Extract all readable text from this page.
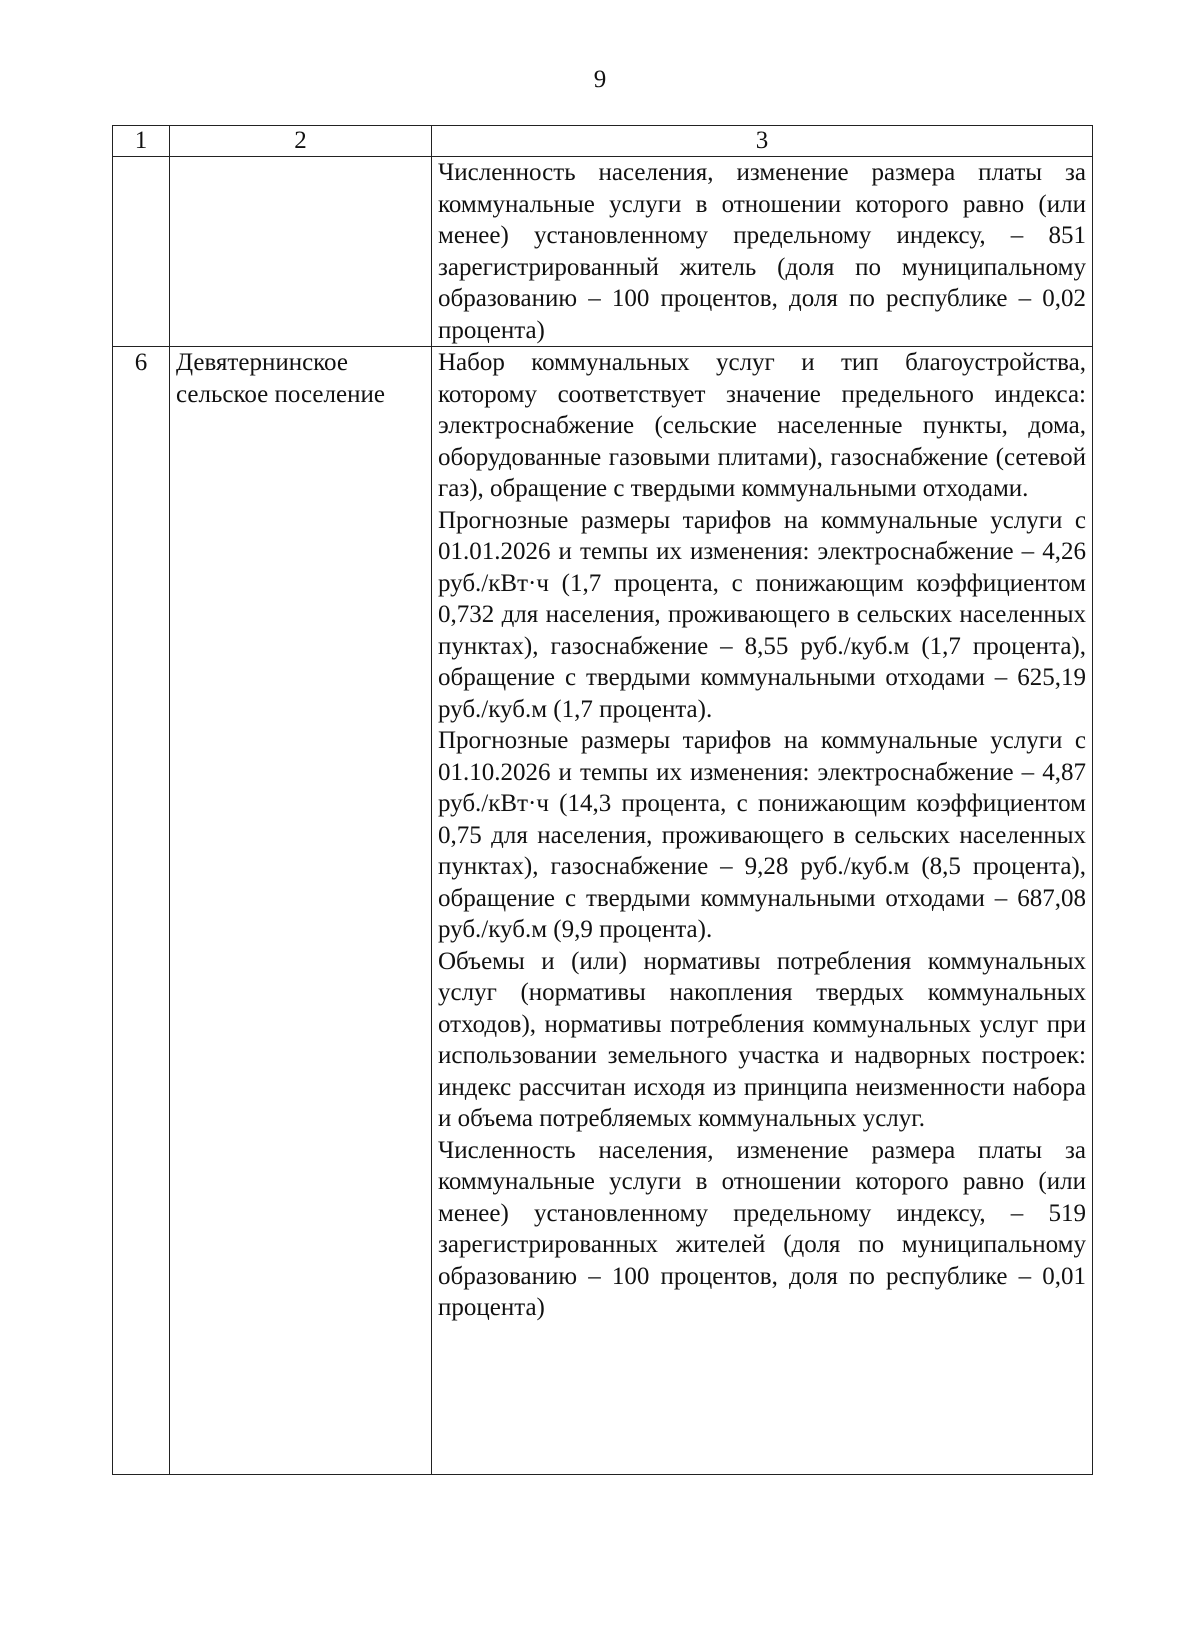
9
1	2	3

		Численность населения, изменение размера платы за коммунальные услуги в отношении которого равно (или менее) установленному предельному индексу, – 851 зарегистрированный житель (доля по муниципальному образованию – 100 процентов, доля по республике – 0,02 процента)

6	Девятернинское сельское поселение	Набор коммунальных услуг и тип благоустройства, которому соответствует значение предельного индекса: электроснабжение (сельские населенные пункты, дома, оборудованные газовыми плитами), газоснабжение (сетевой газ), обращение с твердыми коммунальными отходами.

Прогнозные размеры тарифов на коммунальные услуги с 01.01.2026 и темпы их изменения: электроснабжение – 4,26 руб./кВт·ч (1,7 процента, с понижающим коэффициентом 0,732 для населения, проживающего в сельских населенных пунктах), газоснабжение – 8,55 руб./куб.м (1,7 процента), обращение с твердыми коммунальными отходами – 625,19 руб./куб.м (1,7 процента).

Прогнозные размеры тарифов на коммунальные услуги с 01.10.2026 и темпы их изменения: электроснабжение – 4,87 руб./кВт·ч (14,3 процента, с понижающим коэффициентом 0,75 для населения, проживающего в сельских населенных пунктах), газоснабжение – 9,28 руб./куб.м (8,5 процента), обращение с твердыми коммунальными отходами – 687,08 руб./куб.м (9,9 процента).

Объемы и (или) нормативы потребления коммунальных услуг (нормативы накопления твердых коммунальных отходов), нормативы потребления коммунальных услуг при использовании земельного участка и надворных построек: индекс рассчитан исходя из принципа неизменности набора и объема потребляемых коммунальных услуг.

Численность населения, изменение размера платы за коммунальные услуги в отношении которого равно (или менее) установленному предельному индексу, – 519 зарегистрированных жителей (доля по муниципальному образованию – 100 процентов, доля по республике – 0,01 процента)
